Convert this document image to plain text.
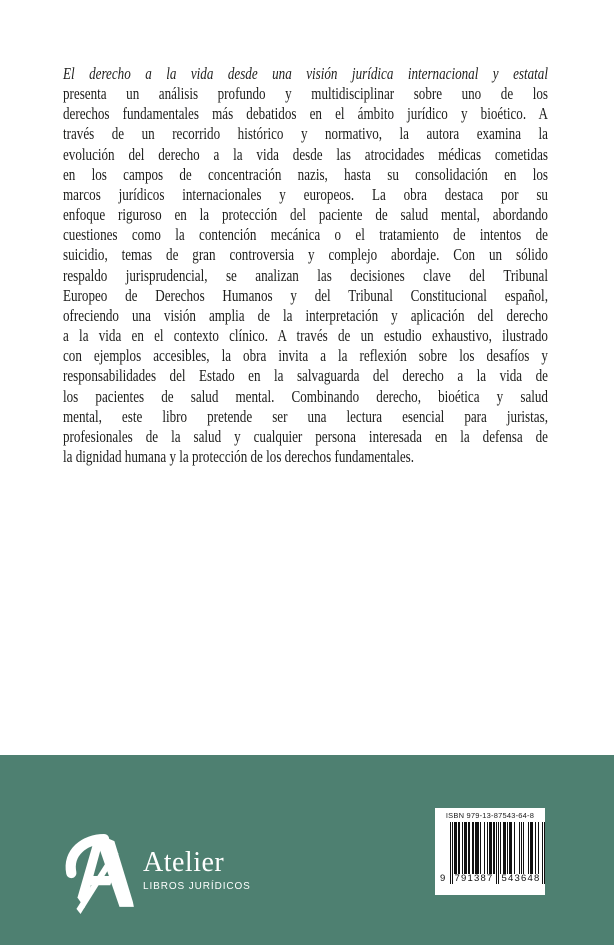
El derecho a la vida desde una visión jurídica internacional y estatal
presenta un análisis profundo y multidisciplinar sobre uno de los
derechos fundamentales más debatidos en el ámbito jurídico y bioético. A
través de un recorrido histórico y normativo, la autora examina la
evolución del derecho a la vida desde las atrocidades médicas cometidas
en los campos de concentración nazis, hasta su consolidación en los
marcos jurídicos internacionales y europeos. La obra destaca por su
enfoque riguroso en la protección del paciente de salud mental, abordando
cuestiones como la contención mecánica o el tratamiento de intentos de
suicidio, temas de gran controversia y complejo abordaje. Con un sólido
respaldo jurisprudencial, se analizan las decisiones clave del Tribunal
Europeo de Derechos Humanos y del Tribunal Constitucional español,
ofreciendo una visión amplia de la interpretación y aplicación del derecho
a la vida en el contexto clínico. A través de un estudio exhaustivo, ilustrado
con ejemplos accesibles, la obra invita a la reflexión sobre los desafíos y
responsabilidades del Estado en la salvaguarda del derecho a la vida de
los pacientes de salud mental. Combinando derecho, bioética y salud
mental, este libro pretende ser una lectura esencial para juristas,
profesionales de la salud y cualquier persona interesada en la defensa de
la dignidad humana y la protección de los derechos fundamentales.
Atelier
LIBROS JURÍDICOS
ISBN 979-13-87543-64-8
9 791387 543648
